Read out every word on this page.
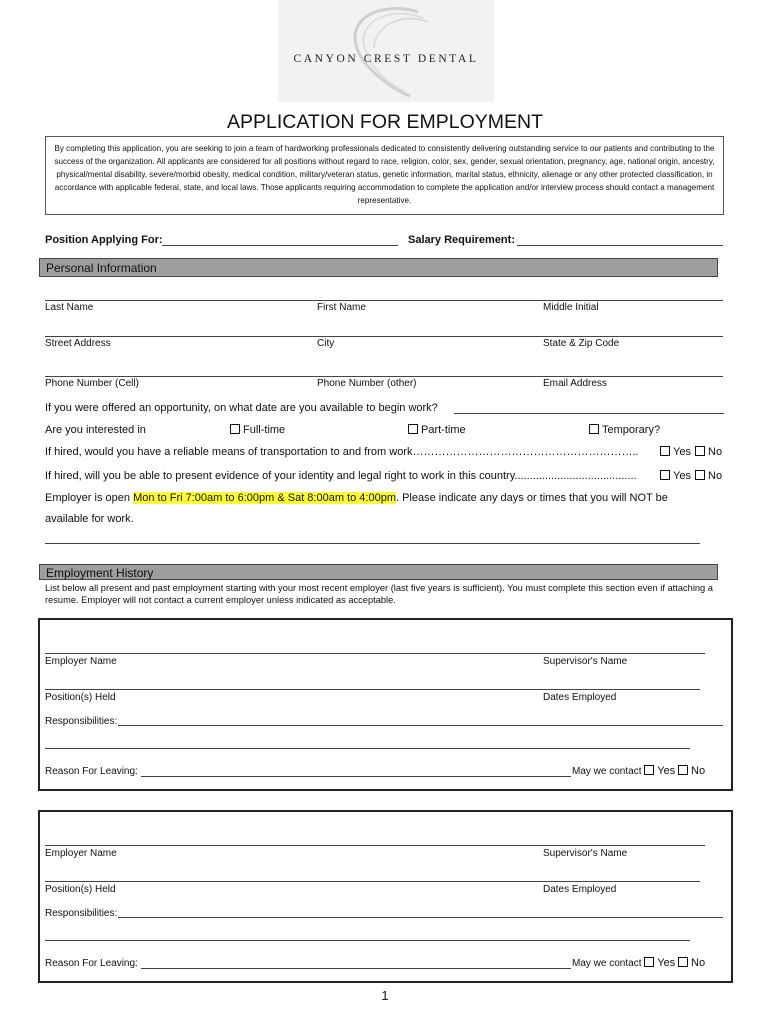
CANYON CREST DENTAL
APPLICATION FOR EMPLOYMENT

By completing this application, you are seeking to join a team of hardworking professionals dedicated to consistently delivering outstanding service to our patients and contributing to the success of the organization. All applicants are considered for all positions without regard to race, religion, color, sex, gender, sexual orientation, pregnancy, age, national origin, ancestry, physical/mental disability, severe/morbid obesity, medical condition, military/veteran status, genetic information, marital status, ethnicity, alienage or any other protected classification, in accordance with applicable federal, state, and local laws. Those applicants requiring accommodation to complete the application and/or interview process should contact a management representative.

Position Applying For:	Salary Requirement:
Personal Information
Last Name	First Name	Middle Initial
Street Address	City	State & Zip Code
Phone Number (Cell)	Phone Number (other)	Email Address
If you were offered an opportunity, on what date are you available to begin work?
Are you interested in	Full-time	Part-time	Temporary?
If hired, would you have a reliable means of transportation to and from work……………………………………………………..	Yes	No
If hired, will you be able to present evidence of your identity and legal right to work in this country........................................	Yes	No
Employer is open Mon to Fri 7:00am to 6:00pm & Sat 8:00am to 4:00pm. Please indicate any days or times that you will NOT be
available for work.
Employment History
List below all present and past employment starting with your most recent employer (last five years is sufficient). You must complete this section even if attaching a resume. Employer will not contact a current employer unless indicated as acceptable.
Employer Name	Supervisor's Name
Position(s) Held	Dates Employed
Responsibilities:
Reason For Leaving:	May we contact Yes No
Employer Name	Supervisor's Name
Position(s) Held	Dates Employed
Responsibilities:
Reason For Leaving:	May we contact Yes No
1
